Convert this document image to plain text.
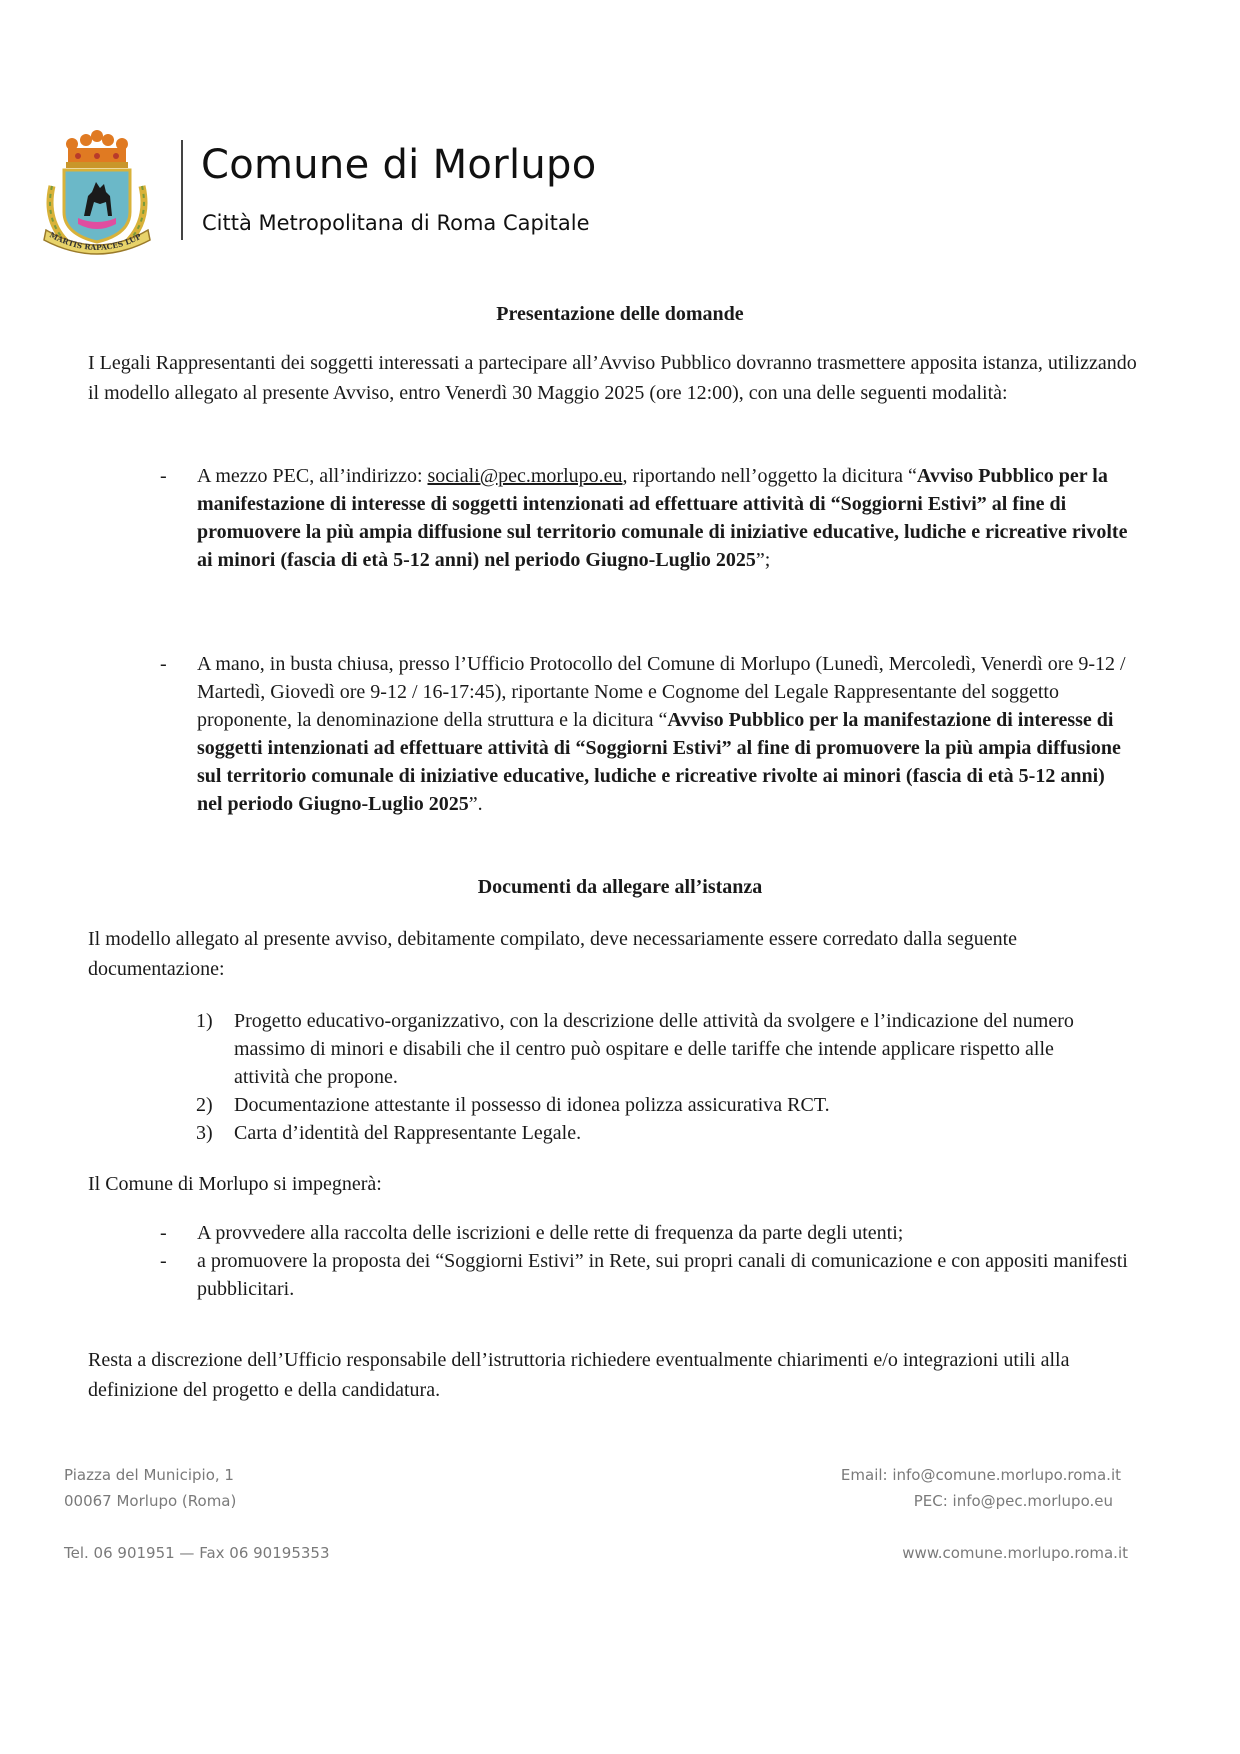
MARTIS RAPACES LUP
Comune di Morlupo
Città Metropolitana di Roma Capitale
Presentazione delle domande
I Legali Rappresentanti dei soggetti interessati a partecipare all’Avviso Pubblico dovranno trasmettere apposita istanza, utilizzando il modello allegato al presente Avviso, entro Venerdì 30 Maggio 2025 (ore 12:00), con una delle seguenti modalità:
- A mezzo PEC, all’indirizzo: sociali@pec.morlupo.eu, riportando nell’oggetto la dicitura “Avviso Pubblico per la manifestazione di interesse di soggetti intenzionati ad effettuare attività di “Soggiorni Estivi” al fine di promuovere la più ampia diffusione sul territorio comunale di iniziative educative, ludiche e ricreative rivolte ai minori (fascia di età 5-12 anni) nel periodo Giugno-Luglio 2025”;
- A mano, in busta chiusa, presso l’Ufficio Protocollo del Comune di Morlupo (Lunedì, Mercoledì, Venerdì ore 9-12 / Martedì, Giovedì ore 9-12 / 16-17:45), riportante Nome e Cognome del Legale Rappresentante del soggetto proponente, la denominazione della struttura e la dicitura “Avviso Pubblico per la manifestazione di interesse di soggetti intenzionati ad effettuare attività di “Soggiorni Estivi” al fine di promuovere la più ampia diffusione sul territorio comunale di iniziative educative, ludiche e ricreative rivolte ai minori (fascia di età 5-12 anni) nel periodo Giugno-Luglio 2025”.
Documenti da allegare all’istanza
Il modello allegato al presente avviso, debitamente compilato, deve necessariamente essere corredato dalla seguente documentazione:
1) Progetto educativo-organizzativo, con la descrizione delle attività da svolgere e l’indicazione del numero massimo di minori e disabili che il centro può ospitare e delle tariffe che intende applicare rispetto alle attività che propone.
2) Documentazione attestante il possesso di idonea polizza assicurativa RCT.
3) Carta d’identità del Rappresentante Legale.
Il Comune di Morlupo si impegnerà:
- A provvedere alla raccolta delle iscrizioni e delle rette di frequenza da parte degli utenti;
- a promuovere la proposta dei “Soggiorni Estivi” in Rete, sui propri canali di comunicazione e con appositi manifesti pubblicitari.
Resta a discrezione dell’Ufficio responsabile dell’istruttoria richiedere eventualmente chiarimenti e/o integrazioni utili alla definizione del progetto e della candidatura.
Piazza del Municipio, 1
00067 Morlupo (Roma)
Tel. 06 901951 — Fax 06 90195353
Email: info@comune.morlupo.roma.it
PEC: info@pec.morlupo.eu
www.comune.morlupo.roma.it
